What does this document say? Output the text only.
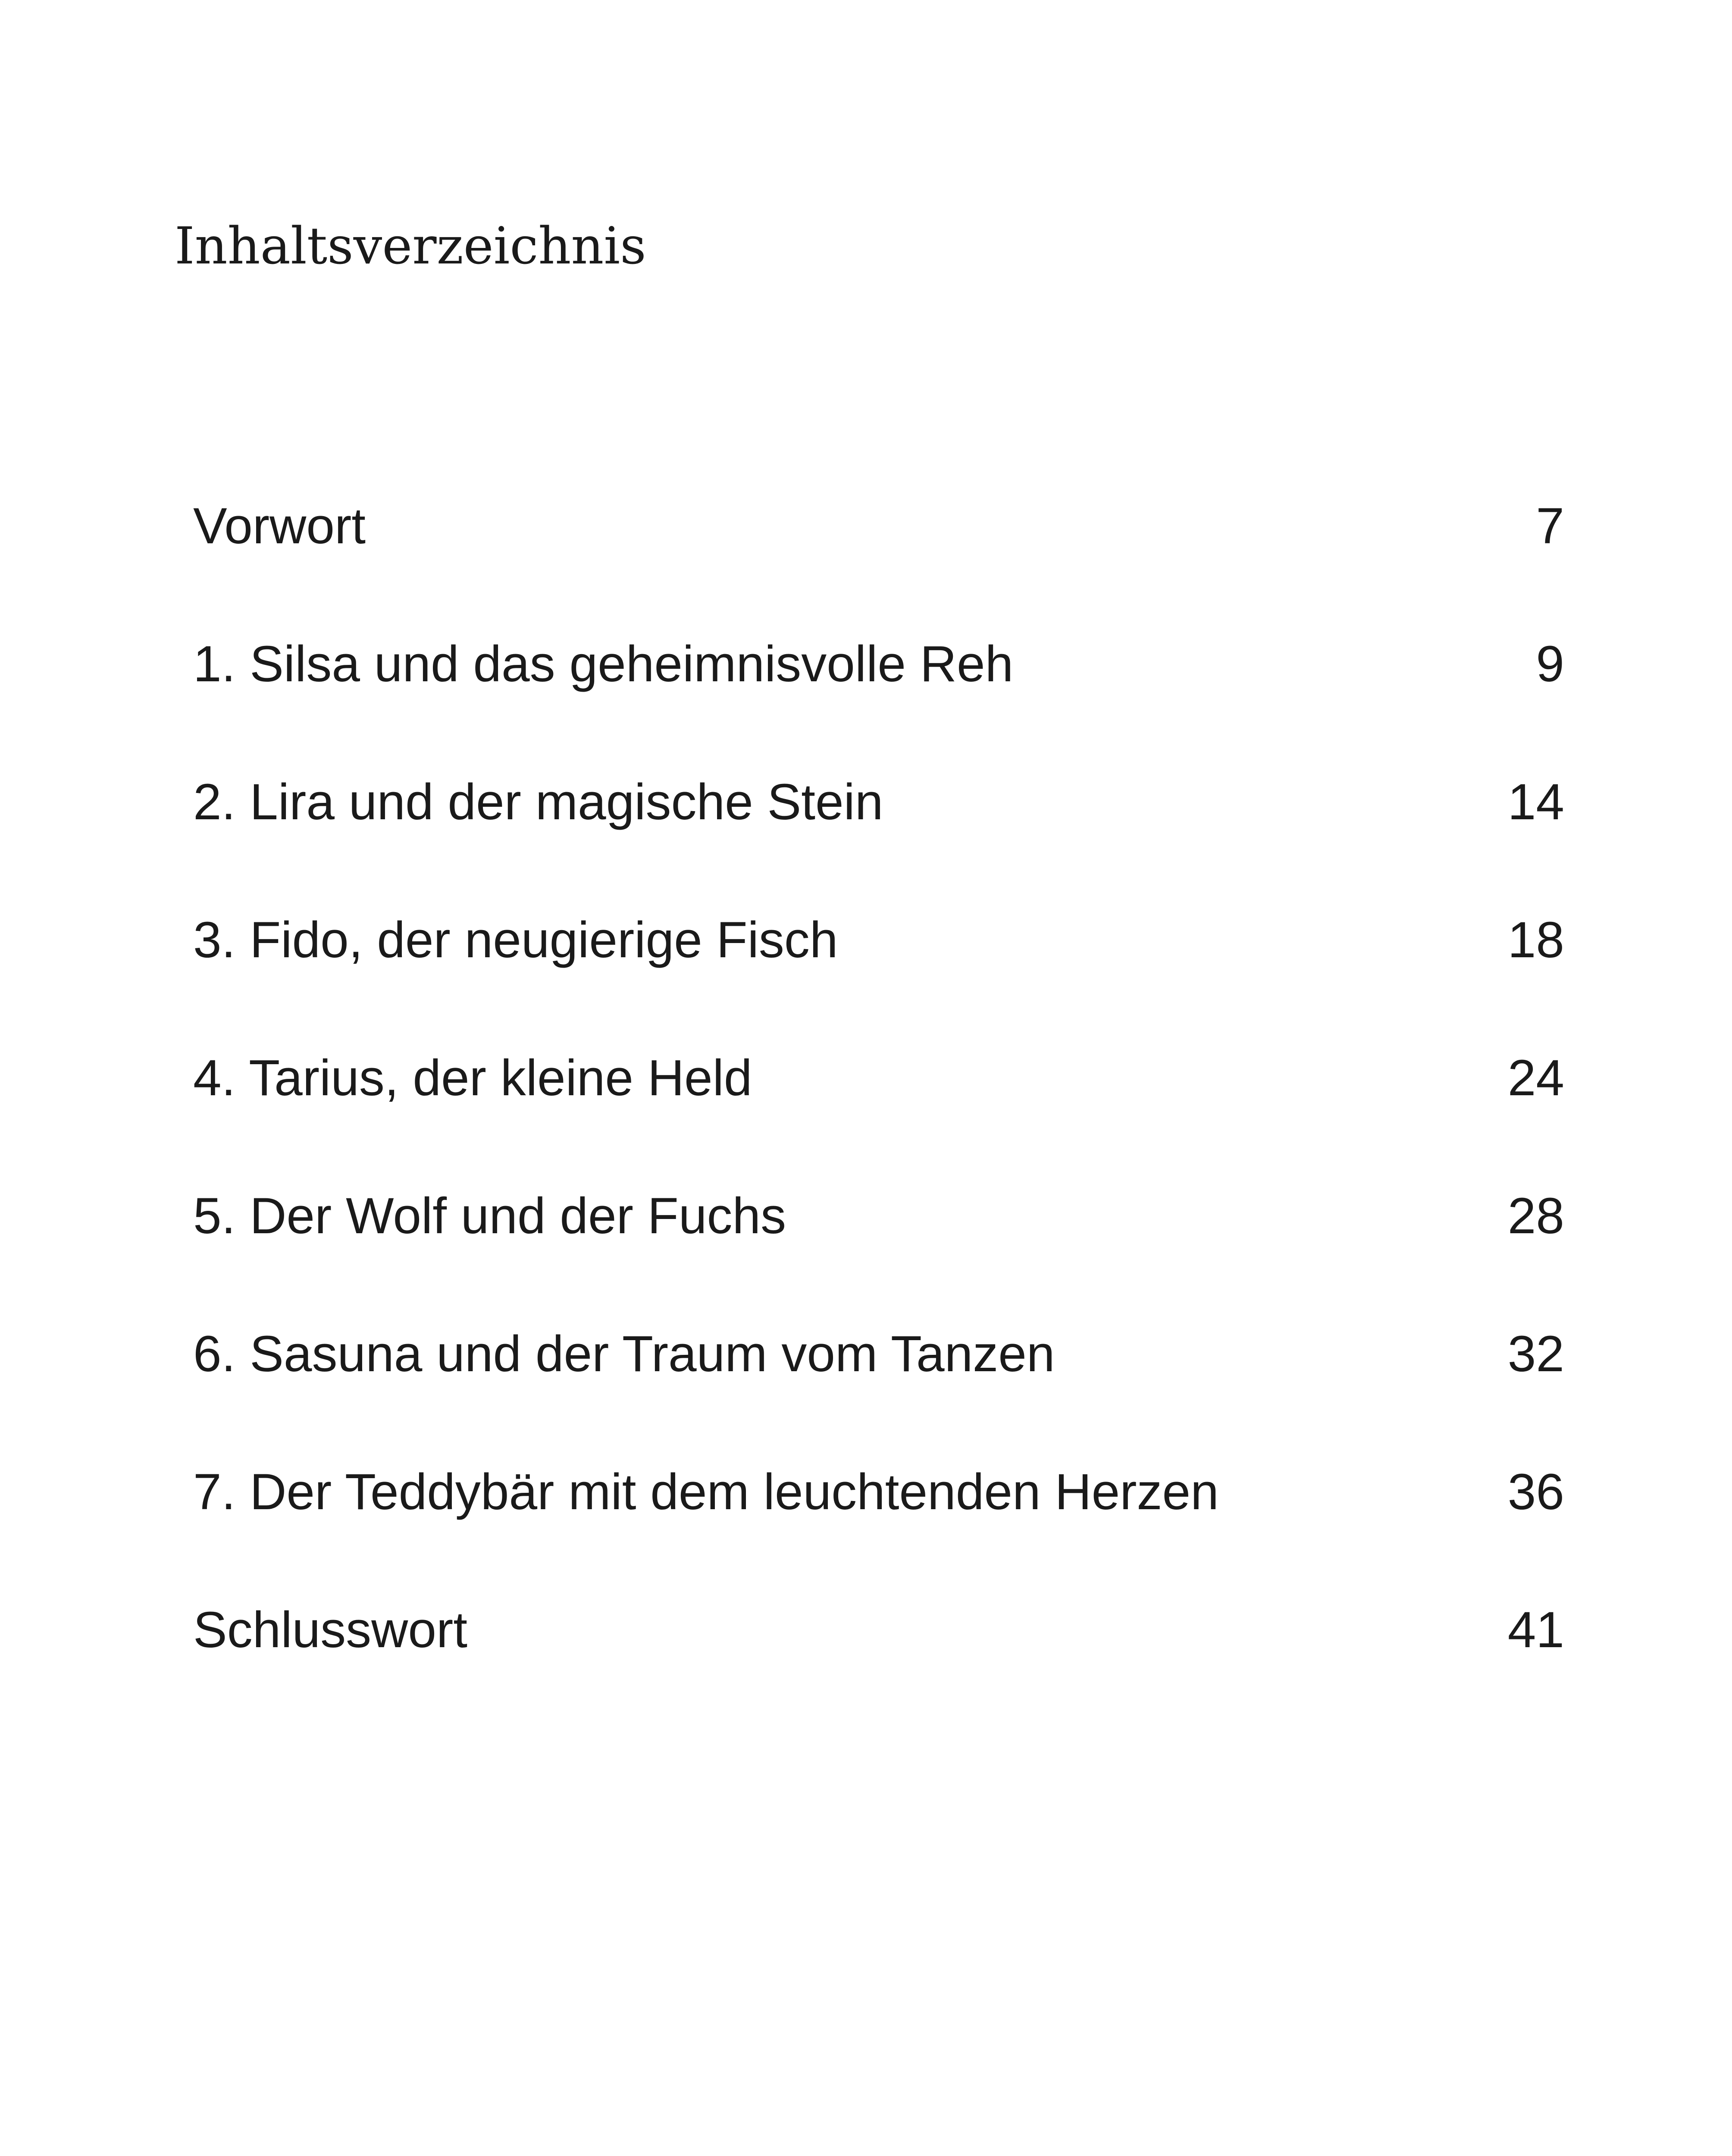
Inhaltsverzeichnis
Vorwort	7
1. Silsa und das geheimnisvolle Reh	9
2. Lira und der magische Stein	14
3. Fido, der neugierige Fisch	18
4. Tarius, der kleine Held	24
5. Der Wolf und der Fuchs	28
6. Sasuna und der Traum vom Tanzen	32
7. Der Teddybär mit dem leuchtenden Herzen	36
Schlusswort	41
